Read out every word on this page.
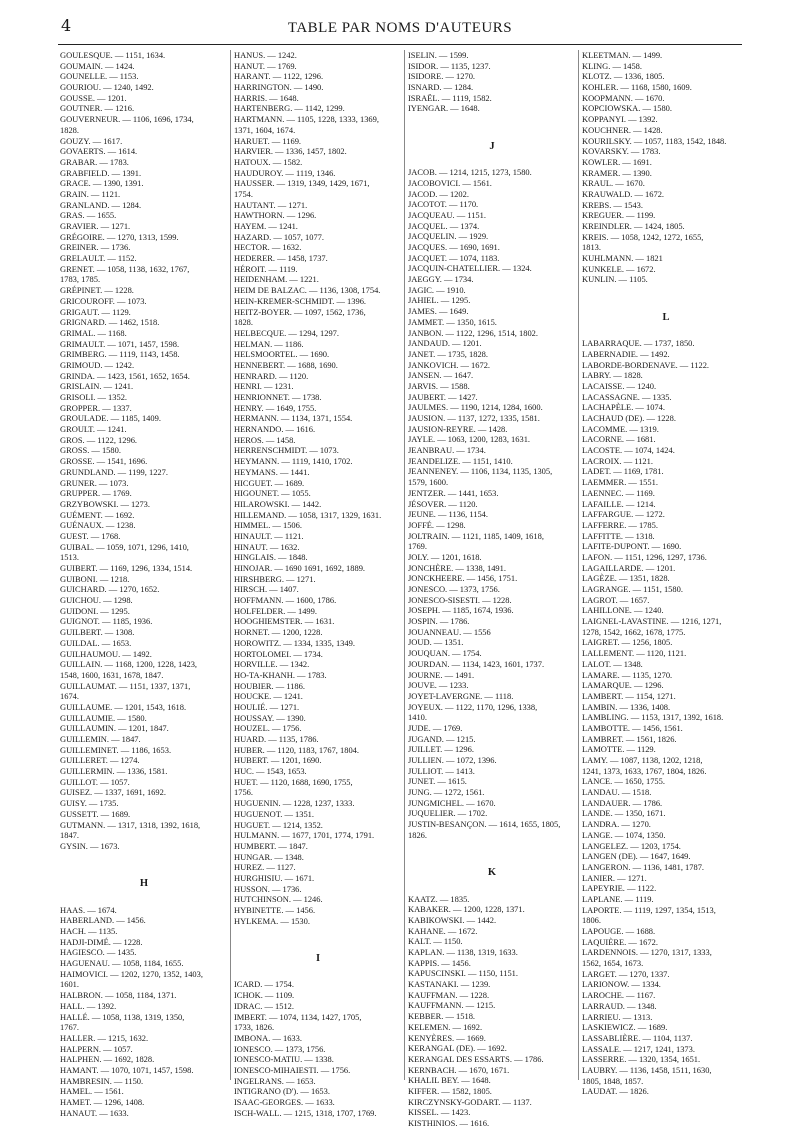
4	TABLE PAR NOMS D'AUTEURS
GOULESQUE. — 1151, 1634.
GOUMAIN. — 1424.
GOUNELLE. — 1153.
GOURIOU. — 1240, 1492.
GOUSSE. — 1201.
GOUTNER. — 1216.
GOUVERNEUR. — 1106, 1696, 1734,
1828.
GOUZY. — 1617.
GOVAERTS. — 1614.
GRABAR. — 1783.
GRABFIELD. — 1391.
GRACE. — 1390, 1391.
GRAIN. — 1121.
GRANLAND. — 1284.
GRAS. — 1655.
GRAVIER. — 1271.
GRÉGOIRE. — 1270, 1313, 1599.
GREINER. — 1736.
GRELAULT. — 1152.
GRENET. — 1058, 1138, 1632, 1767,
1783, 1785.
GRÉPINET. — 1228.
GRICOUROFF. — 1073.
GRIGAUT. — 1129.
GRIGNARD. — 1462, 1518.
GRIMAL. — 1168.
GRIMAULT. — 1071, 1457, 1598.
GRIMBERG. — 1119, 1143, 1458.
GRIMOUD. — 1242.
GRINDA. — 1423, 1561, 1652, 1654.
GRISLAIN. — 1241.
GRISOLI. — 1352.
GROPPER. — 1337.
GROULADE. — 1185, 1409.
GROULT. — 1241.
GROS. — 1122, 1296.
GROSS. — 1580.
GROSSE. — 1541, 1696.
GRUNDLAND. — 1199, 1227.
GRUNER. — 1073.
GRUPPER. — 1769.
GRZYBOWSKI. — 1273.
GUÉMENT. — 1692.
GUÉNAUX. — 1238.
GUEST. — 1768.
GUIBAL. — 1059, 1071, 1296, 1410,
1513.
GUIBERT. — 1169, 1296, 1334, 1514.
GUIBONI. — 1218.
GUICHARD. — 1270, 1652.
GUICHOU. — 1298.
GUIDONI. — 1295.
GUIGNOT. — 1185, 1936.
GUILBERT. — 1308.
GUILDAL. — 1653.
GUILHAUMOU. — 1492.
GUILLAIN. — 1168, 1200, 1228, 1423,
1548, 1600, 1631, 1678, 1847.
GUILLAUMAT. — 1151, 1337, 1371,
1674.
GUILLAUME. — 1201, 1543, 1618.
GUILLAUMIE. — 1580.
GUILLAUMIN. — 1201, 1847.
GUILLEMIN. — 1847.
GUILLEMINET. — 1186, 1653.
GUILLERET. — 1274.
GUILLERMIN. — 1336, 1581.
GUILLOT. — 1057.
GUISEZ. — 1337, 1691, 1692.
GUISY. — 1735.
GUSSETT. — 1689.
GUTMANN. — 1317, 1318, 1392, 1618,
1847.
GYSIN. — 1673.
H
HAAS. — 1674.
HABERLAND. — 1456.
HACH. — 1135.
HADJI-DIMÉ. — 1228.
HAGIESCO. — 1435.
HAGUENAU. — 1058, 1184, 1655.
HAIMOVICI. — 1202, 1270, 1352, 1403,
1601.
HALBRON. — 1058, 1184, 1371.
HALL. — 1392.
HALLÉ. — 1058, 1138, 1319, 1350,
1767.
HALLER. — 1215, 1632.
HALPERN. — 1057.
HALPHEN. — 1692, 1828.
HAMANT. — 1070, 1071, 1457, 1598.
HAMBRESIN. — 1150.
HAMEL. — 1561.
HAMET. — 1296, 1408.
HANAUT. — 1633.
HANUS. — 1242.
HANUT. — 1769.
HARANT. — 1122, 1296.
HARRINGTON. — 1490.
HARRIS. — 1648.
HARTENBERG. — 1142, 1299.
HARTMANN. — 1105, 1228, 1333, 1369,
1371, 1604, 1674.
HARUET. — 1169.
HARVIER. — 1336, 1457, 1802.
HATOUX. — 1582.
HAUDUROY. — 1119, 1346.
HAUSSER. — 1319, 1349, 1429, 1671,
1754.
HAUTANT. — 1271.
HAWTHORN. — 1296.
HAYEM. — 1241.
HAZARD. — 1057, 1077.
HECTOR. — 1632.
HEDERER. — 1458, 1737.
HÉROIT. — 1119.
HEIDENHAM. — 1221.
HEIM DE BALZAC. — 1136, 1308, 1754.
HEIN-KREMER-SCHMIDT. — 1396.
HEITZ-BOYER. — 1097, 1562, 1736,
1828.
HELBECQUE. — 1294, 1297.
HELMAN. — 1186.
HELSMOORTEL. — 1690.
HENNEBERT. — 1688, 1690.
HENRARD. — 1120.
HENRI. — 1231.
HENRIONNET. — 1738.
HENRY. — 1649, 1755.
HERMANN. — 1134, 1371, 1554.
HERNANDO. — 1616.
HEROS. — 1458.
HERRENSCHMIDT. — 1073.
HEYMANN. — 1119, 1410, 1702.
HEYMANS. — 1441.
HICGUET. — 1689.
HIGOUNET. — 1055.
HILAROWSKI. — 1442.
HILLEMAND. — 1058, 1317, 1329, 1631.
HIMMEL. — 1506.
HINAULT. — 1121.
HINAUT. — 1632.
HINGLAIS. — 1848.
HINOJAR. — 1690 1691, 1692, 1889.
HIRSHBERG. — 1271.
HIRSCH. — 1407.
HOFFMANN. — 1600, 1786.
HOLFELDER. — 1499.
HOOGHIEMSTER. — 1631.
HORNET. — 1200, 1228.
HOROWITZ. — 1334, 1335, 1349.
HORTOLOMEI. — 1734.
HORVILLE. — 1342.
HO-TA-KHANH. — 1783.
HOUBIER. — 1186.
HOUCKE. — 1241.
HOULIÉ. — 1271.
HOUSSAY. — 1390.
HOUZEL. — 1756.
HUARD. — 1135, 1786.
HUBER. — 1120, 1183, 1767, 1804.
HUBERT. — 1201, 1690.
HUC. — 1543, 1653.
HUET. — 1120, 1688, 1690, 1755,
1756.
HUGUENIN. — 1228, 1237, 1333.
HUGUENOT. — 1351.
HUGUET. — 1214, 1352.
HULMANN. — 1677, 1701, 1774, 1791.
HUMBERT. — 1847.
HUNGAR. — 1348.
HUREZ. — 1127.
HURGHISIU. — 1671.
HUSSON. — 1736.
HUTCHINSON. — 1246.
HYBINETTE. — 1456.
HYLKEMA. — 1530.
I
ICARD. — 1754.
ICHOK. — 1109.
IDRAC. — 1512.
IMBERT. — 1074, 1134, 1427, 1705,
1733, 1826.
IMBONA. — 1633.
IONESCO. — 1373, 1756.
IONESCO-MATIU. — 1338.
IONESCO-MIHAIESTI. — 1756.
INGELRANS. — 1653.
INTIGRANO (D'). — 1653.
ISAAC-GEORGES. — 1633.
ISCH-WALL. — 1215, 1318, 1707, 1769.
ISELIN. — 1599.
ISIDOR. — 1135, 1237.
ISIDORE. — 1270.
ISNARD. — 1284.
ISRAËL. — 1119, 1582.
IYENGAR. — 1648.
J
JACOB. — 1214, 1215, 1273, 1580.
JACOBOVICI. — 1561.
JACOD. — 1202.
JACOTOT. — 1170.
JACQUEAU. — 1151.
JACQUEL. — 1374.
JACQUELIN. — 1929.
JACQUES. — 1690, 1691.
JACQUET. — 1074, 1183.
JACQUIN-CHATELLIER. — 1324.
JAEGGY. — 1734.
JAGIC. — 1910.
JAHIEL. — 1295.
JAMES. — 1649.
JAMMET. — 1350, 1615.
JANBON. — 1122, 1296, 1514, 1802.
JANDAUD. — 1201.
JANET. — 1735, 1828.
JANKOVICH. — 1672.
JANSEN. — 1647.
JARVIS. — 1588.
JAUBERT. — 1427.
JAULMES. — 1190, 1214, 1284, 1600.
JAUSION. — 1137, 1272, 1335, 1581.
JAUSION-REYRE. — 1428.
JAYLE. — 1063, 1200, 1283, 1631.
JEANBRAU. — 1734.
JEANDELIZE. — 1151, 1410.
JEANNENEY. — 1106, 1134, 1135, 1305,
1579, 1600.
JENTZER. — 1441, 1653.
JÉSOVER. — 1120.
JEUNE. — 1136, 1154.
JOFFÉ. — 1298.
JOLTRAIN. — 1121, 1185, 1409, 1618,
1769.
JOLY. — 1201, 1618.
JONCHÈRE. — 1338, 1491.
JONCKHEERE. — 1456, 1751.
JONESCO. — 1373, 1756.
JONESCO-SISESTI. — 1228.
JOSEPH. — 1185, 1674, 1936.
JOSPIN. — 1786.
JOUANNEAU. — 1556
JOUD. — 1351.
JOUQUAN. — 1754.
JOURDAN. — 1134, 1423, 1601, 1737.
JOURNE. — 1491.
JOUVE. — 1233.
JOYET-LAVERGNE. — 1118.
JOYEUX. — 1122, 1170, 1296, 1338,
1410.
JUDE. — 1769.
JUGAND. — 1215.
JUILLET. — 1296.
JULLIEN. — 1072, 1396.
JULLIOT. — 1413.
JUNET. — 1615.
JUNG. — 1272, 1561.
JUNGMICHEL. — 1670.
JUQUELIER. — 1702.
JUSTIN-BESANÇON. — 1614, 1655, 1805,
1826.
K
KAATZ. — 1835.
KABAKER. — 1200, 1228, 1371.
KABIKOWSKI. — 1442.
KAHANE. — 1672.
KALT. — 1150.
KAPLAN. — 1138, 1319, 1633.
KAPPIS. — 1456.
KAPUSCINSKI. — 1150, 1151.
KASTANAKI. — 1239.
KAUFFMAN. — 1228.
KAUFFMANN. — 1215.
KEBBER. — 1518.
KELEMEN. — 1692.
KENYÈRES. — 1669.
KERANGAL (DE). — 1692.
KERANGAL DES ESSARTS. — 1786.
KERNBACH. — 1670, 1671.
KHALIL BEY. — 1648.
KIFFER. — 1582, 1805.
KIRCZYNSKY-GODART. — 1137.
KISSEL. — 1423.
KISTHINIOS. — 1616.
KLEETMAN. — 1499.
KLING. — 1458.
KLOTZ. — 1336, 1805.
KOHLER. — 1168, 1580, 1609.
KOOPMANN. — 1670.
KOPCIOWSKA. — 1580.
KOPPANYI. — 1392.
KOUCHNER. — 1428.
KOURILSKY. — 1057, 1183, 1542, 1848.
KOVARSKY. — 1783.
KOWLER. — 1691.
KRAMER. — 1390.
KRAUL. — 1670.
KRAUWALD. — 1672.
KREBS. — 1543.
KREGUER. — 1199.
KREINDLER. — 1424, 1805.
KREIS. — 1058, 1242, 1272, 1655,
1813.
KUHLMANN. — 1821
KUNKELE. — 1672.
KUNLIN. — 1105.
L
LABARRAQUE. — 1737, 1850.
LABERNADIE. — 1492.
LABORDE-BORDENAVE. — 1122.
LABRY. — 1828.
LACAISSE. — 1240.
LACASSAGNE. — 1335.
LACHAPÈLE. — 1074.
LACHAUD (DE). — 1228.
LACOMME. — 1319.
LACORNE. — 1681.
LACOSTE. — 1074, 1424.
LACROIX. — 1121.
LADET. — 1169, 1781.
LAEMMER. — 1551.
LAENNEC. — 1169.
LAFAILLE. — 1214.
LAFFARGUE. — 1272.
LAFFERRE. — 1785.
LAFFITTE. — 1318.
LAFITE-DUPONT. — 1690.
LAFON. — 1151, 1296, 1297, 1736.
LAGAILLARDE. — 1201.
LAGÈZE. — 1351, 1828.
LAGRANGE. — 1151, 1580.
LAGROT. — 1657.
LAHILLONE. — 1240.
LAIGNEL-LAVASTINE. — 1216, 1271,
1278, 1542, 1662, 1678, 1775.
LAIGRET. — 1256, 1805.
LALLEMENT. — 1120, 1121.
LALOT. — 1348.
LAMARE. — 1135, 1270.
LAMARQUE. — 1296.
LAMBERT. — 1154, 1271.
LAMBIN. — 1336, 1408.
LAMBLING. — 1153, 1317, 1392, 1618.
LAMBOTTE. — 1456, 1561.
LAMBRET. — 1561, 1826.
LAMOTTE. — 1129.
LAMY. — 1087, 1138, 1202, 1218,
1241, 1373, 1633, 1767, 1804, 1826.
LANCE. — 1650, 1755.
LANDAU. — 1518.
LANDAUER. — 1786.
LANDE. — 1350, 1671.
LANDRA. — 1270.
LANGE. — 1074, 1350.
LANGELEZ. — 1203, 1754.
LANGEN (DE). — 1647, 1649.
LANGERON. — 1136, 1481, 1787.
LANIER. — 1271.
LAPEYRIE. — 1122.
LAPLANE. — 1119.
LAPORTE. — 1119, 1297, 1354, 1513,
1806.
LAPOUGE. — 1688.
LAQUIÈRE. — 1672.
LARDENNOIS. — 1270, 1317, 1333,
1562, 1654, 1673.
LARGET. — 1270, 1337.
LARIONOW. — 1334.
LAROCHE. — 1167.
LARRAUD. — 1348.
LARRIEU. — 1313.
LASKIEWICZ. — 1689.
LASSABLIÈRE. — 1104, 1137.
LASSALE. — 1217, 1241, 1373.
LASSERRE. — 1320, 1354, 1651.
LAUBRY. — 1136, 1458, 1511, 1630,
1805, 1848, 1857.
LAUDAT. — 1826.
